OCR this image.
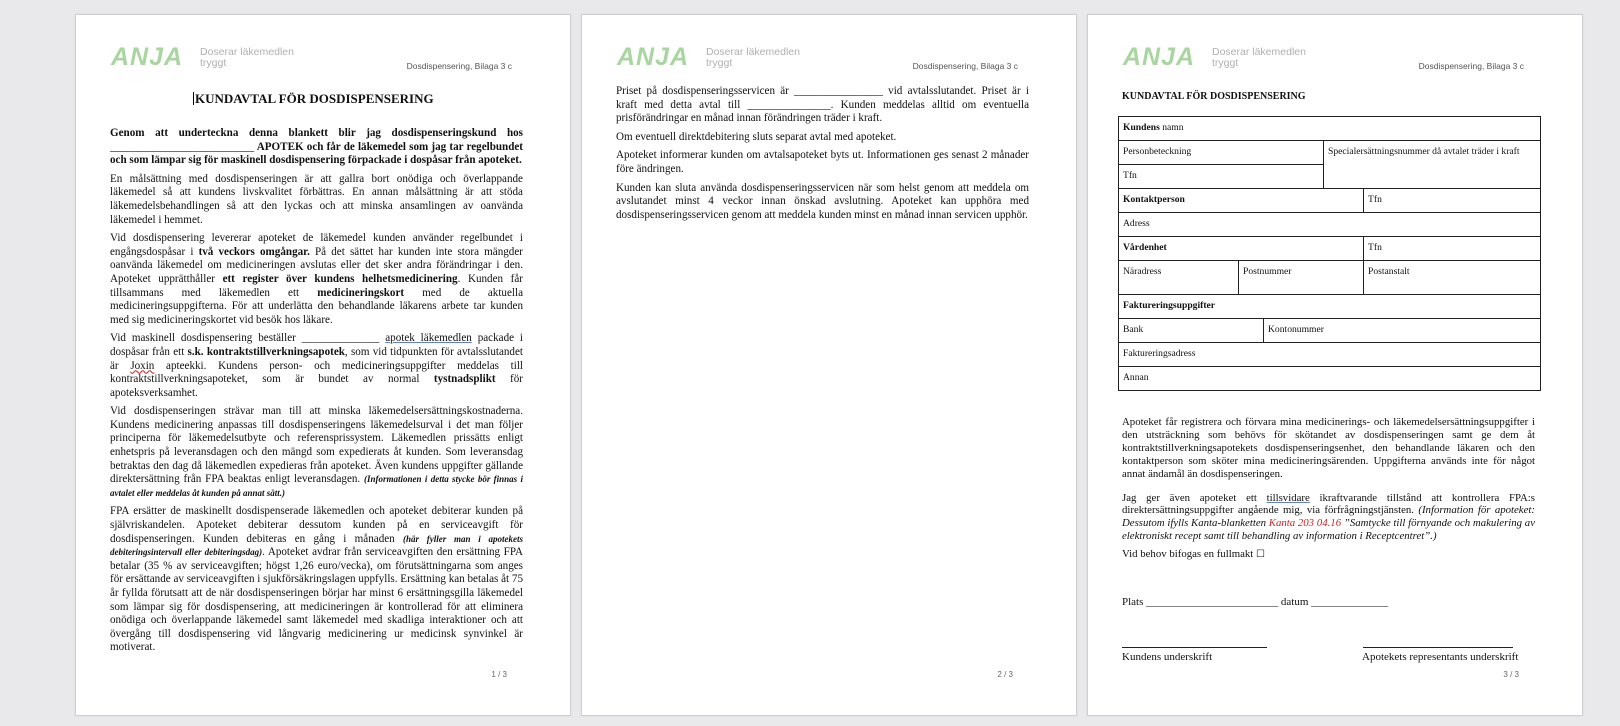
ANJA Doserar läkemedlen tryggt	Dosdispensering, Bilaga 3 c
KUNDAVTAL FÖR DOSDISPENSERING

Genom att underteckna denna blankett blir jag dosdispenseringskund hos __________________________ APOTEK och får de läkemedel som jag tar regelbundet och som lämpar sig för maskinell dosdispensering förpackade i dospåsar från apoteket.

En målsättning med dosdispenseringen är att gallra bort onödiga och överlappande läkemedel så att kundens livskvalitet förbättras. En annan målsättning är att stöda läkemedelsbehandlingen så att den lyckas och att minska ansamlingen av oanvända läkemedel i hemmet.

Vid dosdispensering levererar apoteket de läkemedel kunden använder regelbundet i engångsdospåsar i två veckors omgångar. På det sättet har kunden inte stora mängder oanvända läkemedel om medicineringen avslutas eller det sker andra förändringar i den. Apoteket upprätthåller ett register över kundens helhetsmedicinering. Kunden får tillsammans med läkemedlen ett medicineringskort med de aktuella medicineringsuppgifterna. För att underlätta den behandlande läkarens arbete tar kunden med sig medicineringskortet vid besök hos läkare.

Vid maskinell dosdispensering beställer ______________ apotek läkemedlen packade i dospåsar från ett s.k. kontraktstillverkningsapotek, som vid tidpunkten för avtalsslutandet är Joxin apteekki. Kundens person- och medicineringsuppgifter meddelas till kontraktstillverkningsapoteket, som är bundet av normal tystnadsplikt för apoteksverksamhet.

Vid dosdispenseringen strävar man till att minska läkemedelsersättningskostnaderna. Kundens medicinering anpassas till dosdispenseringens läkemedelsurval i det man följer principerna för läkemedelsutbyte och referensprissystem. Läkemedlen prissätts enligt enhetspris på leveransdagen och den mängd som expedierats åt kunden. Som leveransdag betraktas den dag då läkemedlen expedieras från apoteket. Även kundens uppgifter gällande direktersättning från FPA beaktas enligt leveransdagen. (Informationen i detta stycke bör finnas i avtalet eller meddelas åt kunden på annat sätt.)

FPA ersätter de maskinellt dosdispenserade läkemedlen och apoteket debiterar kunden på självriskandelen. Apoteket debiterar dessutom kunden på en serviceavgift för dosdispenseringen. Kunden debiteras en gång i månaden (här fyller man i apotekets debiteringsintervall eller debiteringsdag). Apoteket avdrar från serviceavgiften den ersättning FPA betalar (35 % av serviceavgiften; högst 1,26 euro/vecka), om förutsättningarna som anges för ersättande av serviceavgiften i sjukförsäkringslagen uppfylls. Ersättning kan betalas åt 75 år fyllda förutsatt att de när dosdispenseringen börjar har minst 6 ersättningsgilla läkemedel som lämpar sig för dosdispensering, att medicineringen är kontrollerad för att eliminera onödiga och överlappande läkemedel samt läkemedel med skadliga interaktioner och att övergång till dosdispensering vid långvarig medicinering ur medicinsk synvinkel är motiverat.

1 / 3
ANJA Doserar läkemedlen tryggt	Dosdispensering, Bilaga 3 c

Priset på dosdispenseringsservicen är ________________ vid avtalsslutandet. Priset är i kraft med detta avtal till _______________. Kunden meddelas alltid om eventuella prisförändringar en månad innan förändringen träder i kraft.

Om eventuell direktdebitering sluts separat avtal med apoteket.

Apoteket informerar kunden om avtalsapoteket byts ut. Informationen ges senast 2 månader före ändringen.

Kunden kan sluta använda dosdispenseringsservicen när som helst genom att meddela om avslutandet minst 4 veckor innan önskad avslutning. Apoteket kan upphöra med dosdispenseringsservicen genom att meddela kunden minst en månad innan servicen upphör.

2 / 3
ANJA Doserar läkemedlen tryggt	Dosdispensering, Bilaga 3 c
KUNDAVTAL FÖR DOSDISPENSERING
Kundens namn				
Personbeteckning			Specialersättningsnummer då avtalet träder i kraft	
Tfn				
Kontaktperson				Tfn
Adress				
Vårdenhet				Tfn
Näradress	Postnummer			Postanstalt
Faktureringsuppgifter				
Bank		Kontonummer		
Faktureringsadress				
Annan				

Apoteket får registrera och förvara mina medicinerings- och läkemedelsersättningsuppgifter i den utsträckning som behövs för skötandet av dosdispenseringen samt ge dem åt kontraktstillverkningsapotekets dosdispenseringsenhet, den behandlande läkaren och den kontaktperson som sköter mina medicineringsärenden. Uppgifterna används inte för något annat ändamål än dosdispenseringen.

Jag ger även apoteket ett tillsvidare ikraftvarande tillstånd att kontrollera FPA:s direktersättningsuppgifter angående mig, via förfrågningstjänsten. (Information för apoteket: Dessutom ifylls Kanta-blanketten Kanta 203 04.16 ”Samtycke till förnyande och makulering av elektroniskt recept samt till behandling av information i Receptcentret”.)

Vid behov bifogas en fullmakt ☐

Plats ________________________ datum ______________
Kundens underskrift	Apotekets representants underskrift
3 / 3
